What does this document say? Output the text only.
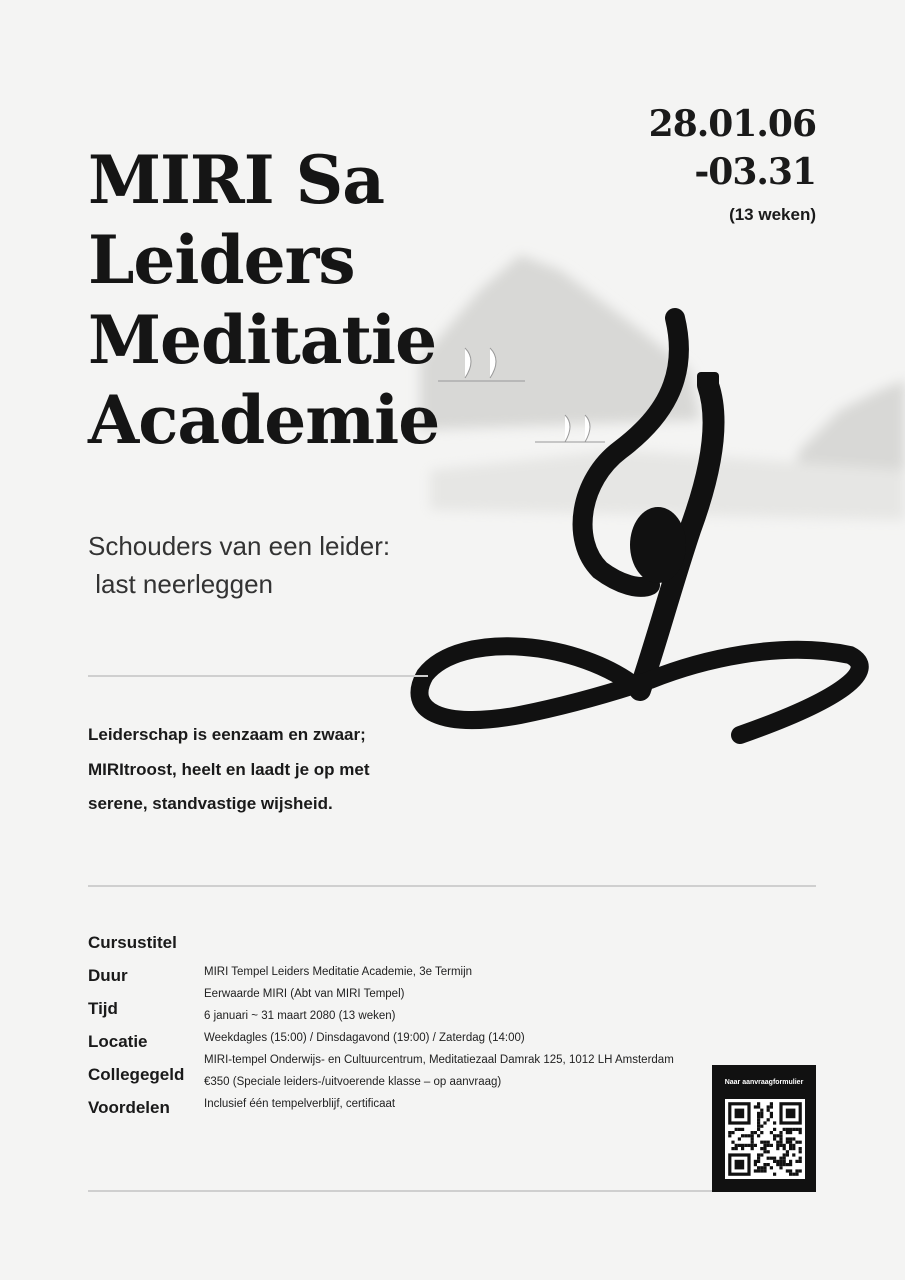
MIRI Sa
Leiders
Meditatie
Academie
28.01.06
-03.31
(13 weken)
Schouders van een leider:
last neerleggen
Leiderschap is eenzaam en zwaar;
MIRItroost, heelt en laadt je op met
serene, standvastige wijsheid.
Cursustitel
Duur
Tijd
Locatie
Collegegeld
Voordelen
MIRI Tempel Leiders Meditatie Academie, 3e Termijn
Eerwaarde MIRI (Abt van MIRI Tempel)
6 januari ~ 31 maart 2080 (13 weken)
Weekdagles (15:00) / Dinsdagavond (19:00) / Zaterdag (14:00)
MIRI-tempel Onderwijs- en Cultuurcentrum, Meditatiezaal Damrak 125, 1012 LH Amsterdam
€350 (Speciale leiders-/uitvoerende klasse – op aanvraag)
Inclusief één tempelverblijf, certificaat
Naar aanvraagformulier
